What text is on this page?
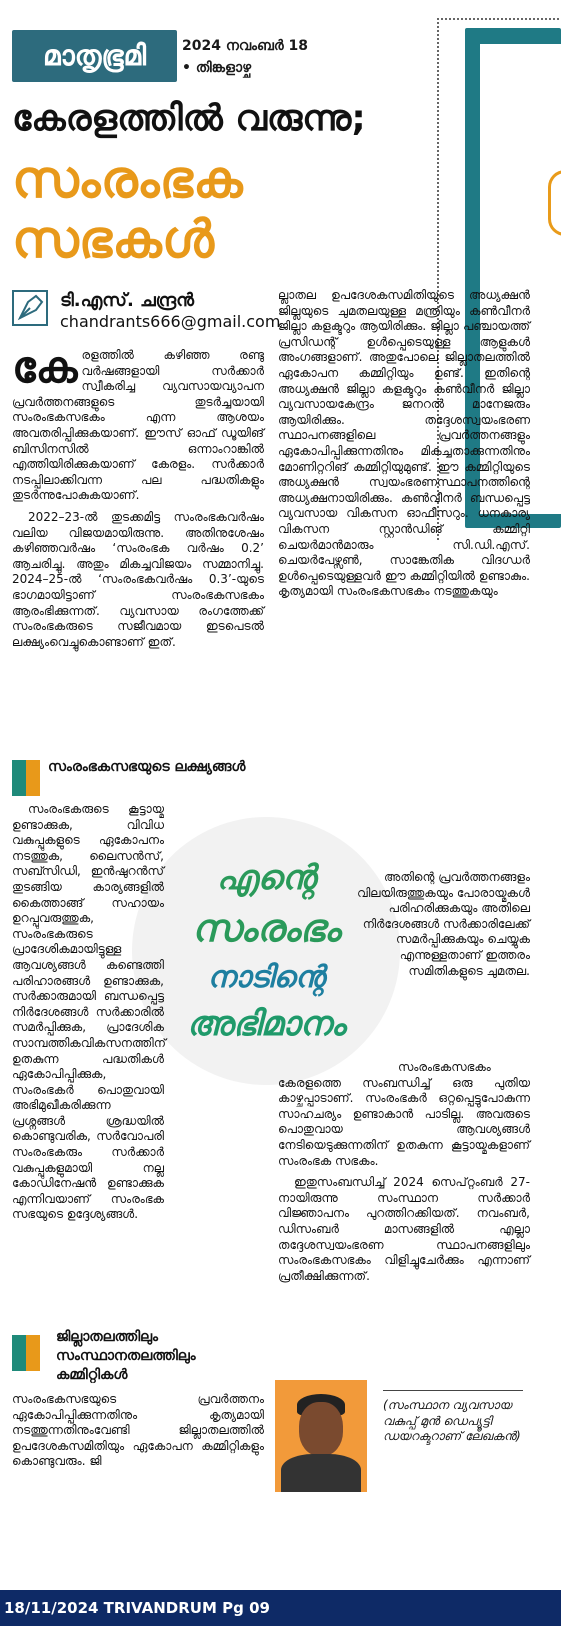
മാതൃഭൂമി	2024 നവംബർ 18
• തിങ്കളാഴ്ച
കേരളത്തിൽ വരുന്നു;
സംരംഭക
സഭകൾ
ടി.എസ്. ചന്ദ്രൻ
chandrants666@gmail.com

കേരളത്തിൽ കഴിഞ്ഞ രണ്ടു വർഷങ്ങളായി സർക്കാർ സ്വീകരിച്ച വ്യവസായവ്യാപന പ്രവർത്തനങ്ങളുടെ തുടർച്ചയായി സംരംഭകസഭകം എന്ന ആശയം അവതരിപ്പിക്കുകയാണ്. ഈസ് ഓഫ് ഡൂയിങ് ബിസിനസിൽ ഒന്നാംറാങ്കിൽ എത്തിയിരിക്കുകയാണ് കേരളം. സർക്കാർ നടപ്പിലാക്കിവന്ന പല പദ്ധതികളും തുടർന്നുപോകുകയാണ്.

2022–23-ൽ തുടക്കമിട്ട സംരംഭകവർഷം വലിയ വിജയമായിരുന്നു. അതിനുശേഷം കഴിഞ്ഞവർഷം ‘സംരംഭക വർഷം 0.2’ ആചരിച്ചു. അതും മികച്ചവിജയം സമ്മാനിച്ചു. 2024–25-ൽ ‘സംരംഭകവർഷം 0.3’-യുടെ ഭാഗമായിട്ടാണ് സംരംഭകസഭകം ആരംഭിക്കുന്നത്. വ്യവസായ രംഗത്തേക്ക് സംരംഭകരുടെ സജീവമായ ഇടപെടൽ ലക്ഷ്യംവെച്ചുകൊണ്ടാണ് ഇത്.

സംരംഭകസഭയുടെ ലക്ഷ്യങ്ങൾ

സംരംഭകരുടെ കൂട്ടായ്മ ഉണ്ടാക്കുക, വിവിധ വകുപ്പുകളുടെ ഏകോപനം നടത്തുക, ലൈസൻസ്, സബ്സിഡി, ഇൻഷുറൻസ് തുടങ്ങിയ കാര്യങ്ങളിൽ കൈത്താങ്ങ് സഹായം ഉറപ്പുവരുത്തുക, സംരംഭകരുടെ പ്രാദേശികമായിട്ടുള്ള ആവശ്യങ്ങൾ കണ്ടെത്തി പരിഹാരങ്ങൾ ഉണ്ടാക്കുക, സർക്കാരുമായി ബന്ധപ്പെട്ട നിർദേശങ്ങൾ സർക്കാരിൽ സമർപ്പിക്കുക, പ്രാദേശിക സാമ്പത്തികവികസനത്തിന് ഉതകുന്ന പദ്ധതികൾ ഏകോപിപ്പിക്കുക, സംരംഭകർ പൊതുവായി അഭിമുഖീകരിക്കുന്ന പ്രശ്നങ്ങൾ ശ്രദ്ധയിൽ കൊണ്ടുവരിക, സർവോപരി സംരംഭകരും സർക്കാർ വകുപ്പുകളുമായി നല്ല കോഡിനേഷൻ ഉണ്ടാക്കുക എന്നിവയാണ് സംരംഭക സഭയുടെ ഉദ്ദേശ്യങ്ങൾ.

എന്റെ
സംരംഭം
നാടിന്റെ
അഭിമാനം
ജില്ലാതലത്തിലും സംസ്ഥാനതലത്തിലും കമ്മിറ്റികൾ

സംരംഭകസഭയുടെ പ്രവർത്തനം ഏകോപിപ്പിക്കുന്നതിനും കൃത്യമായി നടത്തുന്നതിനുംവേണ്ടി ജില്ലാതലത്തിൽ ഉപദേശകസമിതിയും ഏകോപന കമ്മിറ്റികളും കൊണ്ടുവരും. ജി

ല്ലാതല ഉപദേശകസമിതിയുടെ അധ്യക്ഷൻ ജില്ലയുടെ ചുമതലയുള്ള മന്ത്രിയും കൺവീനർ ജില്ലാ കളക്ടറും ആയിരിക്കും. ജില്ലാ പഞ്ചായത്ത് പ്രസിഡന്റ് ഉൾപ്പെടെയുള്ള ആളുകൾ അംഗങ്ങളാണ്. അതുപോലെ ജില്ലാതലത്തിൽ ഏകോപന കമ്മിറ്റിയും ഉണ്ട്. ഇതിന്റെ അധ്യക്ഷൻ ജില്ലാ കളക്ടറും കൺവീനർ ജില്ലാ വ്യവസായകേന്ദ്രം ജനറൽ മാനേജരും ആയിരിക്കും. തദ്ദേശസ്വയംഭരണ സ്ഥാപനങ്ങളിലെ പ്രവർത്തനങ്ങളും ഏകോപിപ്പിക്കുന്നതിനും മികച്ചതാക്കുന്നതിനും മോണിറ്ററിങ് കമ്മിറ്റിയുമുണ്ട്. ഈ കമ്മിറ്റിയുടെ അധ്യക്ഷൻ സ്വയംഭരണസ്ഥാപനത്തിന്റെ അധ്യക്ഷനായിരിക്കും. കൺവീനർ ബന്ധപ്പെട്ട വ്യവസായ വികസന ഓഫീസറും. ധനകാര്യ വികസന സ്റ്റാൻഡിങ് കമ്മിറ്റി ചെയർമാൻമാരും സി.ഡി.എസ്. ചെയർപേഴ്സൺ, സാങ്കേതിക വിദഗ്ധർ ഉൾപ്പെടെയുള്ളവർ ഈ കമ്മിറ്റിയിൽ ഉണ്ടാകും. കൃത്യമായി സംരംഭകസഭകം നടത്തുകയും

അതിന്റെ പ്രവർത്തനങ്ങളം വിലയിരുത്തുകയും പോരായ്മകൾ പരിഹരിക്കുകയും അതിലെ നിർദേശങ്ങൾ സർക്കാരിലേക്ക് സമർപ്പിക്കുകയും ചെയ്യുക എന്നുള്ളതാണ് ഇത്തരം സമിതികളുടെ ചുമതല.

സംരംഭകസഭകം കേരളത്തെ സംബന്ധിച്ച് ഒരു പുതിയ കാഴ്ചപ്പാടാണ്. സംരംഭകർ ഒറ്റപ്പെട്ടുപോകുന്ന സാഹചര്യം ഉണ്ടാകാൻ പാടില്ല. അവരുടെ പൊതുവായ ആവശ്യങ്ങൾ നേടിയെടുക്കുന്നതിന് ഉതകുന്ന കൂട്ടായ്മകളാണ് സംരംഭക സഭകം.

ഇതുസംബന്ധിച്ച് 2024 സെപ്റ്റംബർ 27-നായിരുന്നു സംസ്ഥാന സർക്കാർ വിജ്ഞാപനം പുറത്തിറക്കിയത്. നവംബർ, ഡിസംബർ മാസങ്ങളിൽ എല്ലാ തദ്ദേശസ്വയംഭരണ സ്ഥാപനങ്ങളിലും സംരംഭകസഭകം വിളിച്ചുചേർക്കും എന്നാണ് പ്രതീക്ഷിക്കുന്നത്.

(സംസ്ഥാന വ്യവസായ വകുപ്പ് മുൻ ഡെപ്യൂട്ടി ഡയറക്ടറാണ് ലേഖകൻ)
18/11/2024 TRIVANDRUM Pg 09
